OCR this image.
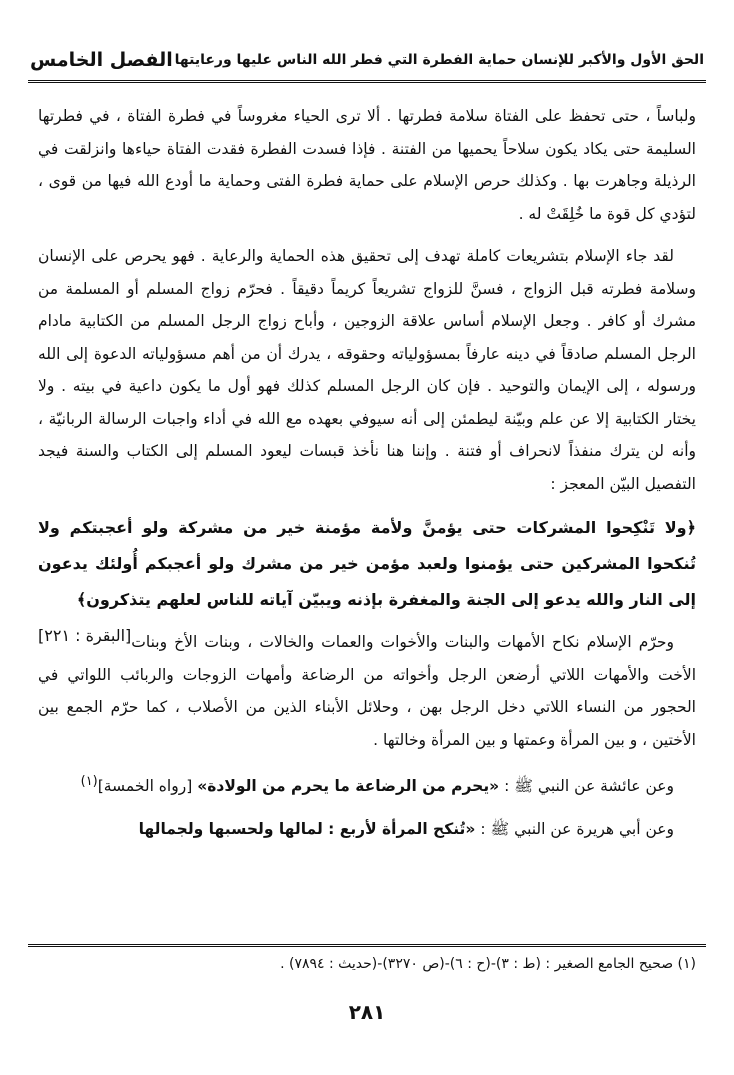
الفصل الخامس الحق الأول والأكبر للإنسان حماية الفطرة التي فطر الله الناس عليها ورعايتها

ولباساً ، حتى تحفظ على الفتاة سلامة فطرتها . ألا ترى الحياء مغروساً في فطرة الفتاة ، في فطرتها السليمة حتى يكاد يكون سلاحاً يحميها من الفتنة . فإذا فسدت الفطرة فقدت الفتاة حياءها وانزلقت في الرذيلة وجاهرت بها . وكذلك حرص الإسلام على حماية فطرة الفتى وحماية ما أودع الله فيها من قوى ، لتؤدي كل قوة ما خُلِقَتْ له .

لقد جاء الإسلام بتشريعات كاملة تهدف إلى تحقيق هذه الحماية والرعاية . فهو يحرص على الإنسان وسلامة فطرته قبل الزواج ، فسنَّ للزواج تشريعاً كريماً دقيقاً . فحرّم زواج المسلم أو المسلمة من مشرك أو كافر . وجعل الإسلام أساس علاقة الزوجين ، وأباح زواج الرجل المسلم من الكتابية مادام الرجل المسلم صادقاً في دينه عارفاً بمسؤولياته وحقوقه ، يدرك أن من أهم مسؤولياته الدعوة إلى الله ورسوله ، إلى الإيمان والتوحيد . فإن كان الرجل المسلم كذلك فهو أول ما يكون داعية في بيته . ولا يختار الكتابية إلا عن علم وبيّنة ليطمئن إلى أنه سيوفي بعهده مع الله في أداء واجبات الرسالة الربانيّة ، وأنه لن يترك منفذاً لانحراف أو فتنة . وإننا هنا نأخذ قبسات ليعود المسلم إلى الكتاب والسنة فيجد التفصيل البيّن المعجز :

﴿ولا تَنْكِحوا المشركات حتى يؤمنَّ ولأمة مؤمنة خير من مشركة ولو أعجبتكم ولا تُنكحوا المشركين حتى يؤمنوا ولعبد مؤمن خير من مشرك ولو أعجبكم أُولئك يدعون إلى النار والله يدعو إلى الجنة والمغفرة بإذنه ويبيّن آياته للناس لعلهم يتذكرون﴾
[البقرة : ٢٢١] وحرّم الإسلام نكاح الأمهات والبنات والأخوات والعمات والخالات ، وبنات الأخ وبنات الأخت والأمهات اللاتي أرضعن الرجل وأخواته من الرضاعة وأمهات الزوجات والربائب اللواتي في الحجور من النساء اللاتي دخل الرجل بهن ، وحلائل الأبناء الذين من الأصلاب ، كما حرّم الجمع بين الأختين ، و بين المرأة وعمتها و بين المرأة وخالتها .

وعن عائشة عن النبي ﷺ : «يحرم من الرضاعة ما يحرم من الولادة» [رواه الخمسة]$^{(١)}$

وعن أبي هريرة عن النبي ﷺ : «تُنكح المرأة لأربع : لمالها ولحسبها ولجمالها

(١) صحيح الجامع الصغير : (ط : ٣)-(ح : ٦)-(ص ٣٢٧٠)-(حديث : ٧٨٩٤) .
٢٨١
